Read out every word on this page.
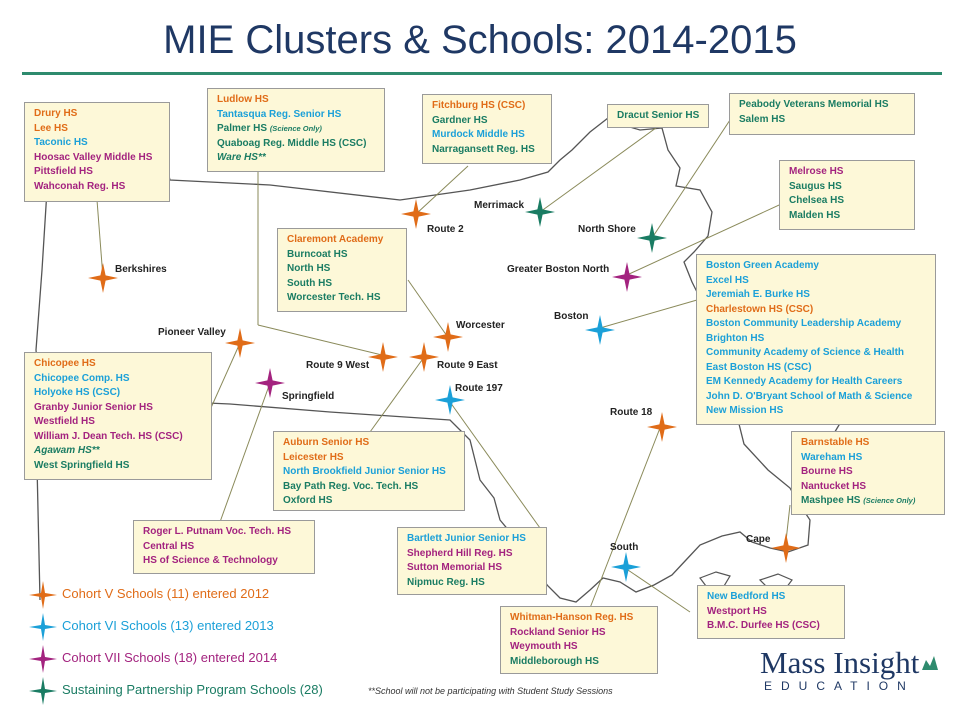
MIE Clusters & Schools: 2014-2015
Berkshires
Pioneer Valley
Springfield
Route 2
Merrimack
North Shore
Greater Boston North
Boston
Worcester
Route 9 West	Route 9 East
Route 197
Route 18
South
Cape
Drury HS
Lee HS
Taconic HS
Hoosac Valley Middle HS
Pittsfield HS
Wahconah Reg. HS
Ludlow HS
Tantasqua Reg. Senior HS
Palmer HS (Science Only)
Quaboag Reg. Middle HS (CSC)
Ware HS**
Fitchburg HS (CSC)
Gardner HS
Murdock Middle HS
Narragansett Reg. HS
Dracut Senior HS
Peabody Veterans Memorial HS
Salem HS
Melrose HS
Saugus HS
Chelsea HS
Malden HS
Claremont Academy
Burncoat HS
North HS
South HS
Worcester Tech. HS
Boston Green Academy
Excel HS
Jeremiah E. Burke HS
Charlestown HS (CSC)
Boston Community Leadership Academy
Brighton HS
Community Academy of Science & Health
East Boston HS (CSC)
EM Kennedy Academy for Health Careers
John D. O'Bryant School of Math & Science
New Mission HS
Chicopee HS
Chicopee Comp. HS
Holyoke HS (CSC)
Granby Junior Senior HS
Westfield HS
William J. Dean Tech. HS (CSC)
Agawam HS**
West Springfield HS
Auburn Senior HS
Leicester HS
North Brookfield Junior Senior HS
Bay Path Reg. Voc. Tech. HS
Oxford HS
Barnstable HS
Wareham HS
Bourne HS
Nantucket HS
Mashpee HS (Science Only)
Roger L. Putnam Voc. Tech. HS
Central HS
HS of Science & Technology
Bartlett Junior Senior HS
Shepherd Hill Reg. HS
Sutton Memorial HS
Nipmuc Reg. HS
Whitman-Hanson Reg. HS
Rockland Senior HS
Weymouth HS
Middleborough HS
New Bedford HS
Westport HS
B.M.C. Durfee HS (CSC)
Cohort V Schools (11) entered 2012
Cohort VI Schools (13) entered 2013
Cohort VII Schools (18) entered 2014
Sustaining Partnership Program Schools (28)	**School will not be participating with Student Study Sessions
Mass Insight
EDUCATION
